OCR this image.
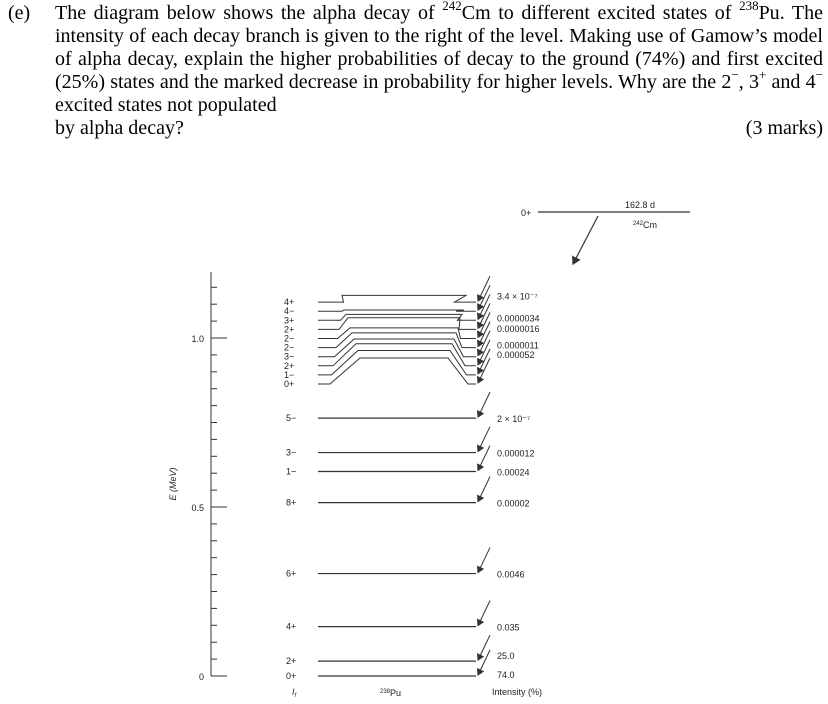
(e) The diagram below shows the alpha decay of $^{242}$Cm to different excited states of $^{238}$Pu. The intensity of each decay branch is given to the right of the level. Making use of Gamow’s model of alpha decay, explain the higher probabilities of decay to the ground (74%) and first excited (25%) states and the marked decrease in probability for higher levels. Why are the 2−, 3+ and 4− excited states not populated
by alpha decay?	(3 marks)
0+
162.8 d
$^{242}$Cm
1.0
0.5
0
E (MeV)
0+
2+
4+
6+
8+
1−
3−
5−
0+
1−
2+
3−
2−
2−
2+
3+
4−
4+
74.0
25.0
0.035
0.0046
0.00002
0.00024
0.000012
2 × 10⁻⁷
0.000052
0.0000011
0.0000016
0.0000034
3.4 × 10⁻⁷
$I_f$
$^{238}$Pu	Intensity (%)
